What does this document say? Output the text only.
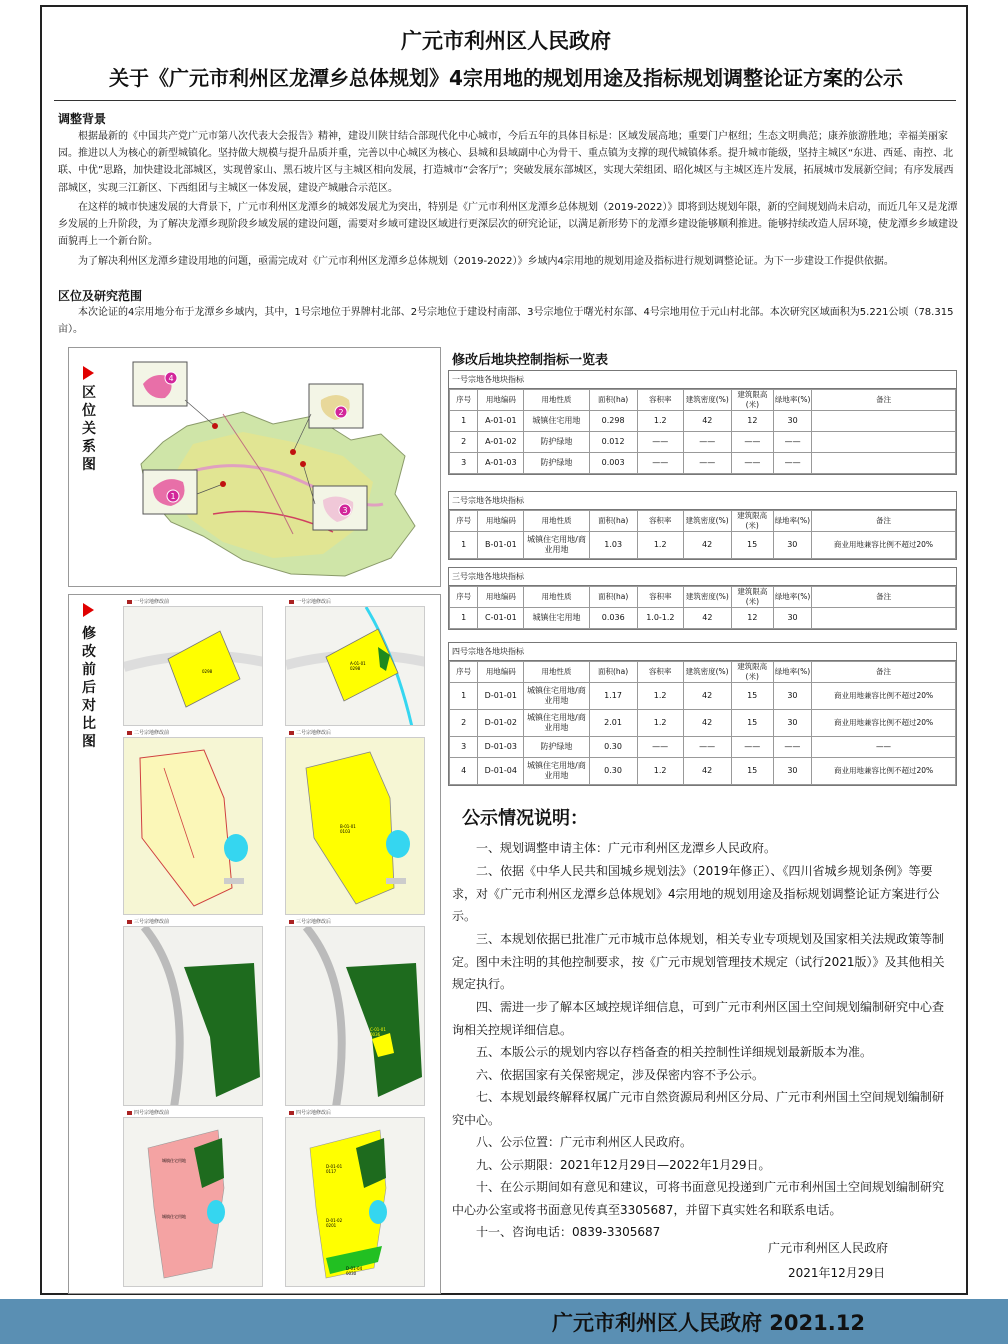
广元市利州区人民政府
关于《广元市利州区龙潭乡总体规划》4宗用地的规划用途及指标规划调整论证方案的公示
调整背景
根据最新的《中国共产党广元市第八次代表大会报告》精神，建设川陕甘结合部现代化中心城市，今后五年的具体目标是：区域发展高地；重要门户枢纽；生态文明典范；康养旅游胜地；幸福美丽家园。推进以人为核心的新型城镇化。坚持做大规模与提升品质并重，完善以中心城区为核心、县城和县域副中心为骨干、重点镇为支撑的现代城镇体系。提升城市能级，坚持主城区“东进、西延、南控、北联、中优”思路，加快建设北部城区，实现曾家山、黑石坡片区与主城区相向发展，打造城市“会客厅”；突破发展东部城区，实现大荣组团、昭化城区与主城区连片发展，拓展城市发展新空间；有序发展西部城区，实现三江新区、下西组团与主城区一体发展，建设产城融合示范区。
在这样的城市快速发展的大背景下，广元市利州区龙潭乡的城郊发展尤为突出，特别是《广元市利州区龙潭乡总体规划（2019-2022）》即将到达规划年限，新的空间规划尚未启动，而近几年又是龙潭乡发展的上升阶段，为了解决龙潭乡现阶段乡域发展的建设问题，需要对乡域可建设区域进行更深层次的研究论证，以满足新形势下的龙潭乡建设能够顺利推进。能够持续改造人居环境，使龙潭乡乡域建设面貌再上一个新台阶。
为了解决利州区龙潭乡建设用地的问题，亟需完成对《广元市利州区龙潭乡总体规划（2019-2022）》乡域内4宗用地的规划用途及指标进行规划调整论证。为下一步建设工作提供依据。
区位及研究范围
本次论证的4宗用地分布于龙潭乡乡域内，其中，1号宗地位于界牌村北部、2号宗地位于建设村南部、3号宗地位于曙光村东部、4号宗地用位于元山村北部。本次研究区域面积为5.221公顷（78.315亩）。
区
位
关
系
图
4
2
1
3
修
改
前
后
对
比
图
一号宗地修改前
0298
一号宗地修改后
A-01-01 0298
二号宗地修改前	二号宗地修改后
B-01-01 0103
三号宗地修改前	三号宗地修改后
C-01-01 0036
四号宗地修改前
城镇住宅用地
城镇住宅用地
四号宗地修改后
D-01-01 0117
D-01-02 0201
D-01-04 0030
修改后地块控制指标一览表
一号宗地各地块指标
序号	用地编码	用地性质	面积(ha)	容积率	建筑密度(%)	建筑限高(米)	绿地率(%)	备注
1	A-01-01	城镇住宅用地	0.298	1.2	42	12	30	
2	A-01-02	防护绿地	0.012	——	——	——	——	
3	A-01-03	防护绿地	0.003	——	——	——	——	
二号宗地各地块指标
序号	用地编码	用地性质	面积(ha)	容积率	建筑密度(%)	建筑限高(米)	绿地率(%)	备注
1	B-01-01	城镇住宅用地/商业用地	1.03	1.2	42	15	30	商业用地兼容比例不超过20%
三号宗地各地块指标
序号	用地编码	用地性质	面积(ha)	容积率	建筑密度(%)	建筑限高(米)	绿地率(%)	备注
1	C-01-01	城镇住宅用地	0.036	1.0-1.2	42	12	30	
四号宗地各地块指标
序号	用地编码	用地性质	面积(ha)	容积率	建筑密度(%)	建筑限高(米)	绿地率(%)	备注
1	D-01-01	城镇住宅用地/商业用地	1.17	1.2	42	15	30	商业用地兼容比例不超过20%
2	D-01-02	城镇住宅用地/商业用地	2.01	1.2	42	15	30	商业用地兼容比例不超过20%
3	D-01-03	防护绿地	0.30	——	——	——	——	——
4	D-01-04	城镇住宅用地/商业用地	0.30	1.2	42	15	30	商业用地兼容比例不超过20%
公示情况说明：
一、规划调整申请主体：广元市利州区龙潭乡人民政府。
二、依据《中华人民共和国城乡规划法》（2019年修正）、《四川省城乡规划条例》等要求，对《广元市利州区龙潭乡总体规划》4宗用地的规划用途及指标规划调整论证方案进行公示。
三、本规划依据已批准广元市城市总体规划，相关专业专项规划及国家相关法规政策等制定。图中未注明的其他控制要求，按《广元市规划管理技术规定（试行2021版）》及其他相关规定执行。
四、需进一步了解本区域控规详细信息，可到广元市利州区国土空间规划编制研究中心查询相关控规详细信息。
五、本版公示的规划内容以存档备查的相关控制性详细规划最新版本为准。
六、依据国家有关保密规定，涉及保密内容不予公示。
七、本规划最终解释权属广元市自然资源局利州区分局、广元市利州国土空间规划编制研究中心。
八、公示位置：广元市利州区人民政府。
九、公示期限：2021年12月29日—2022年1月29日。
十、在公示期间如有意见和建议，可将书面意见投递到广元市利州国土空间规划编制研究中心办公室或将书面意见传真至3305687，并留下真实姓名和联系电话。
十一、咨询电话：0839-3305687
广元市利州区人民政府
2021年12月29日
广元市利州区人民政府 2021.12
